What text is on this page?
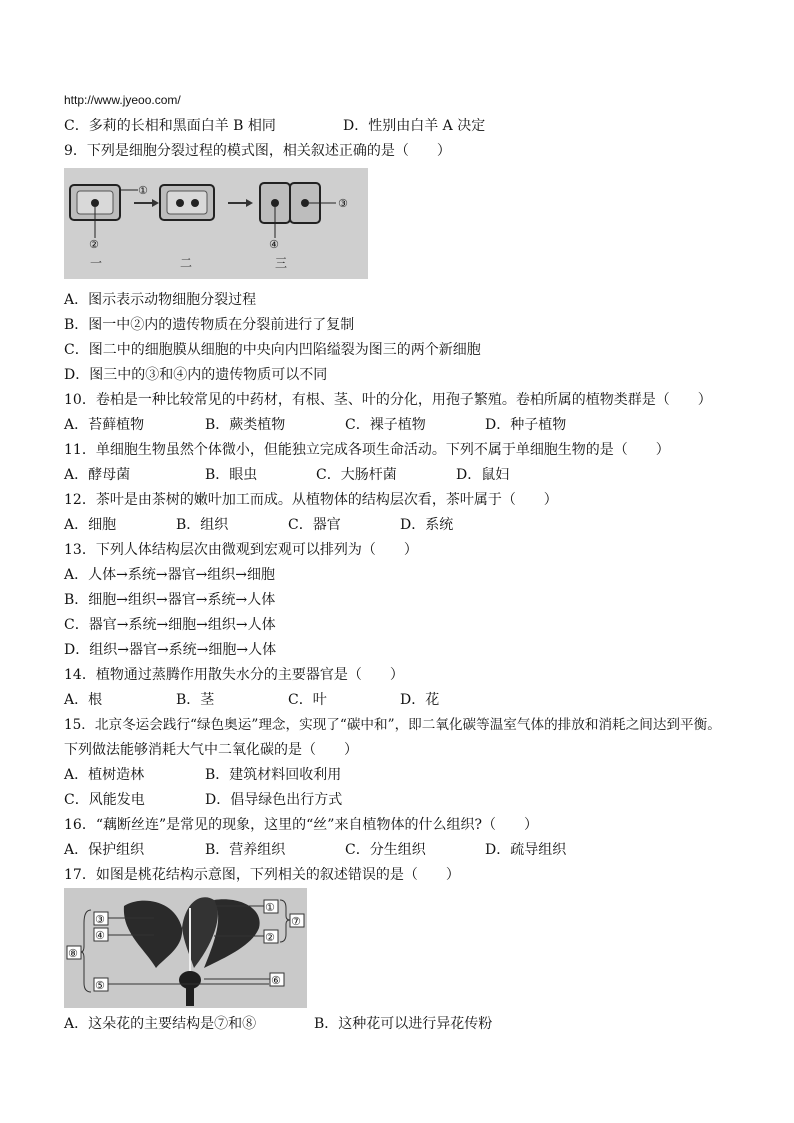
http://www.jyeoo.com/
C．多莉的长相和黑面白羊 B 相同	D．性别由白羊 A 决定
9．下列是细胞分裂过程的模式图，相关叙述正确的是（　　）
①
②
③
④
一	二	三
A．图示表示动物细胞分裂过程
B．图一中②内的遗传物质在分裂前进行了复制
C．图二中的细胞膜从细胞的中央向内凹陷缢裂为图三的两个新细胞
D．图三中的③和④内的遗传物质可以不同
10．卷柏是一种比较常见的中药材，有根、茎、叶的分化，用孢子繁殖。卷柏所属的植物类群是（　　）
A．苔藓植物	B．蕨类植物	C．裸子植物	D．种子植物
11．单细胞生物虽然个体微小，但能独立完成各项生命活动。下列不属于单细胞生物的是（　　）
A．酵母菌	B．眼虫	C．大肠杆菌	D．鼠妇
12．茶叶是由茶树的嫩叶加工而成。从植物体的结构层次看，茶叶属于（　　）
A．细胞	B．组织	C．器官	D．系统
13．下列人体结构层次由微观到宏观可以排列为（　　）
A．人体→系统→器官→组织→细胞
B．细胞→组织→器官→系统→人体
C．器官→系统→细胞→组织→人体
D．组织→器官→系统→细胞→人体
14．植物通过蒸腾作用散失水分的主要器官是（　　）
A．根	B．茎	C．叶	D．花
15．北京冬运会践行“绿色奥运”理念，实现了“碳中和”，即二氧化碳等温室气体的排放和消耗之间达到平衡。
下列做法能够消耗大气中二氧化碳的是（　　）
A．植树造林	B．建筑材料回收利用
C．风能发电	D．倡导绿色出行方式
16．“藕断丝连”是常见的现象，这里的“丝”来自植物体的什么组织?（　　）
A．保护组织	B．营养组织	C．分生组织	D．疏导组织
17．如图是桃花结构示意图，下列相关的叙述错误的是（　　）
①
②
③
④
⑤	⑥
⑦
⑧
A．这朵花的主要结构是⑦和⑧	B．这种花可以进行异花传粉
